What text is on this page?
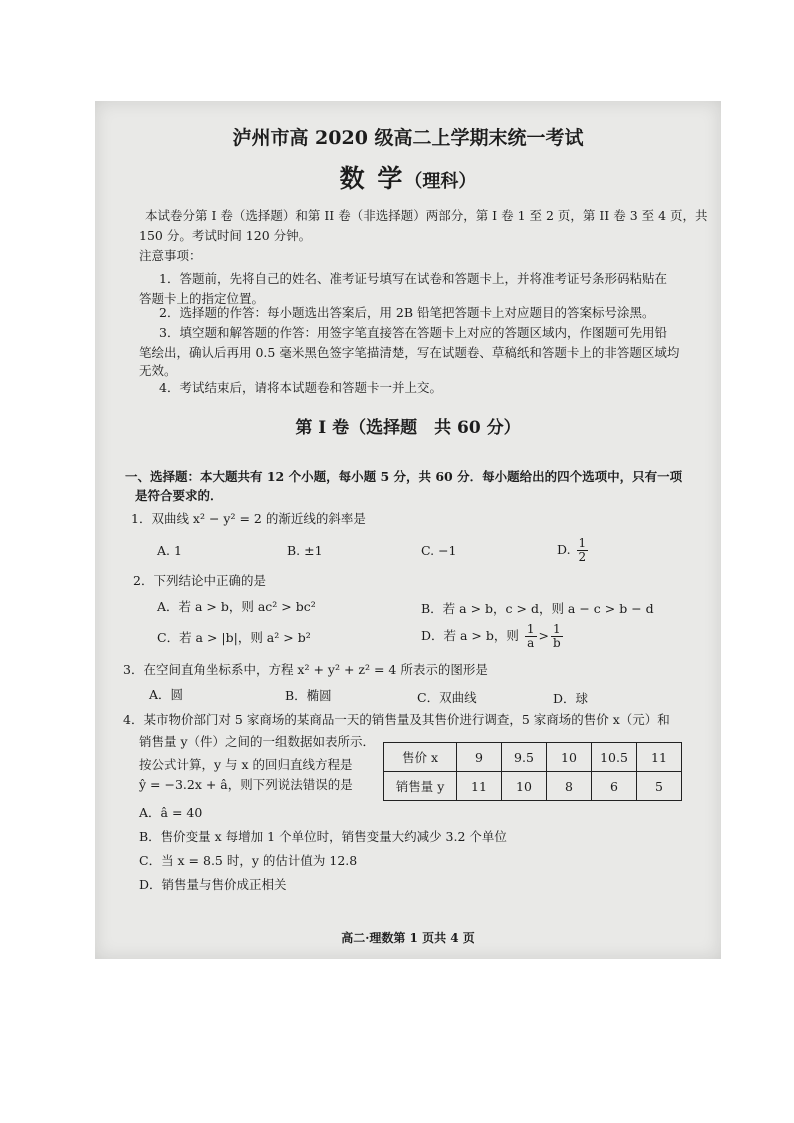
泸州市高 2020 级高二上学期末统一考试
数 学（理科）
本试卷分第 I 卷（选择题）和第 II 卷（非选择题）两部分，第 I 卷 1 至 2 页，第 II 卷 3 至 4 页，共
150 分。考试时间 120 分钟。
注意事项：
1．答题前，先将自己的姓名、准考证号填写在试卷和答题卡上，并将准考证号条形码粘贴在
答题卡上的指定位置。
2．选择题的作答：每小题选出答案后，用 2B 铅笔把答题卡上对应题目的答案标号涂黑。
3．填空题和解答题的作答：用签字笔直接答在答题卡上对应的答题区域内，作图题可先用铅
笔绘出，确认后再用 0.5 毫米黑色签字笔描清楚，写在试题卷、草稿纸和答题卡上的非答题区域均
无效。
4．考试结束后，请将本试题卷和答题卡一并上交。
第 I 卷（选择题　共 60 分）
一、选择题：本大题共有 12 个小题，每小题 5 分，共 60 分．每小题给出的四个选项中，只有一项
是符合要求的．
1．双曲线 x² − y² = 2 的渐近线的斜率是
A. 1	B. ±1	C. −1	D. $\frac{1}{2}$
2．下列结论中正确的是
A．若 a > b，则 ac² > bc²	B．若 a > b，c > d，则 a − c > b − d
C．若 a > |b|，则 a² > b²	D．若 a > b，则 $\frac{1}{a} > \frac{1}{b}$
3．在空间直角坐标系中，方程 x² + y² + z² = 4 所表示的图形是
A．圆	B．椭圆	C．双曲线	D．球
4．某市物价部门对 5 家商场的某商品一天的销售量及其售价进行调查，5 家商场的售价 x（元）和
销售量 y（件）之间的一组数据如表所示．
按公式计算，y 与 x 的回归直线方程是
ŷ = −3.2x + â，则下列说法错误的是
售价 x	9	9.5	10	10.5	11
销售量 y	11	10	8	6	5
A．â = 40
B．售价变量 x 每增加 1 个单位时，销售变量大约减少 3.2 个单位
C．当 x = 8.5 时，y 的估计值为 12.8
D．销售量与售价成正相关
高二·理数第 1 页共 4 页
